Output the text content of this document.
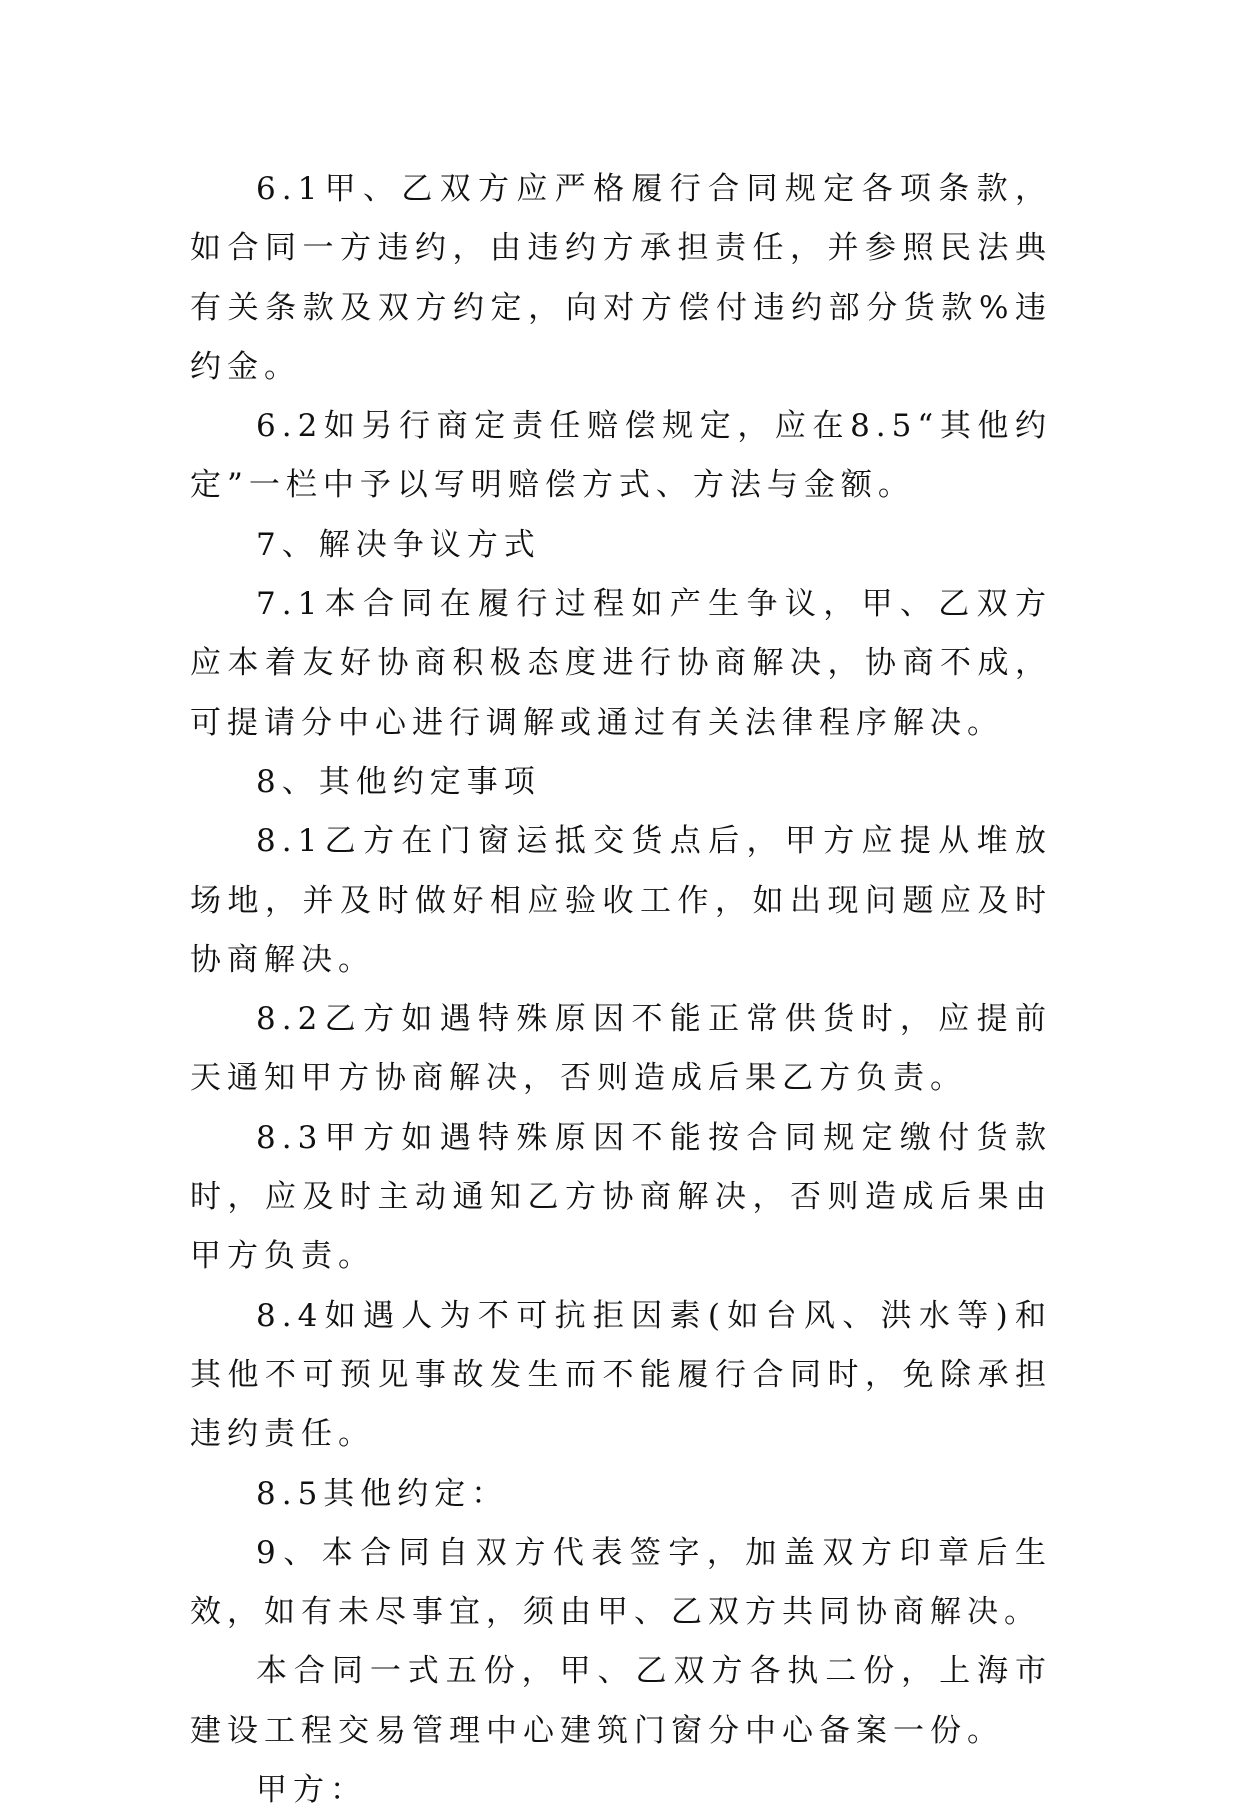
6.1甲、乙双方应严格履行合同规定各项条款，如合同一方违约，由违约方承担责任，并参照民法典有关条款及双方约定，向对方偿付违约部分货款%违约金。

6.2如另行商定责任赔偿规定，应在8.5“其他约定”一栏中予以写明赔偿方式、方法与金额。

7、解决争议方式

7.1本合同在履行过程如产生争议，甲、乙双方应本着友好协商积极态度进行协商解决，协商不成，可提请分中心进行调解或通过有关法律程序解决。

8、其他约定事项

8.1乙方在门窗运抵交货点后，甲方应提从堆放场地，并及时做好相应验收工作，如出现问题应及时协商解决。

8.2乙方如遇特殊原因不能正常供货时，应提前天通知甲方协商解决，否则造成后果乙方负责。

8.3甲方如遇特殊原因不能按合同规定缴付货款时，应及时主动通知乙方协商解决，否则造成后果由甲方负责。

8.4如遇人为不可抗拒因素(如台风、洪水等)和其他不可预见事故发生而不能履行合同时，免除承担违约责任。

8.5其他约定：

9、本合同自双方代表签字，加盖双方印章后生效，如有未尽事宜，须由甲、乙双方共同协商解决。

本合同一式五份，甲、乙双方各执二份，上海市建设工程交易管理中心建筑门窗分中心备案一份。

甲方：
